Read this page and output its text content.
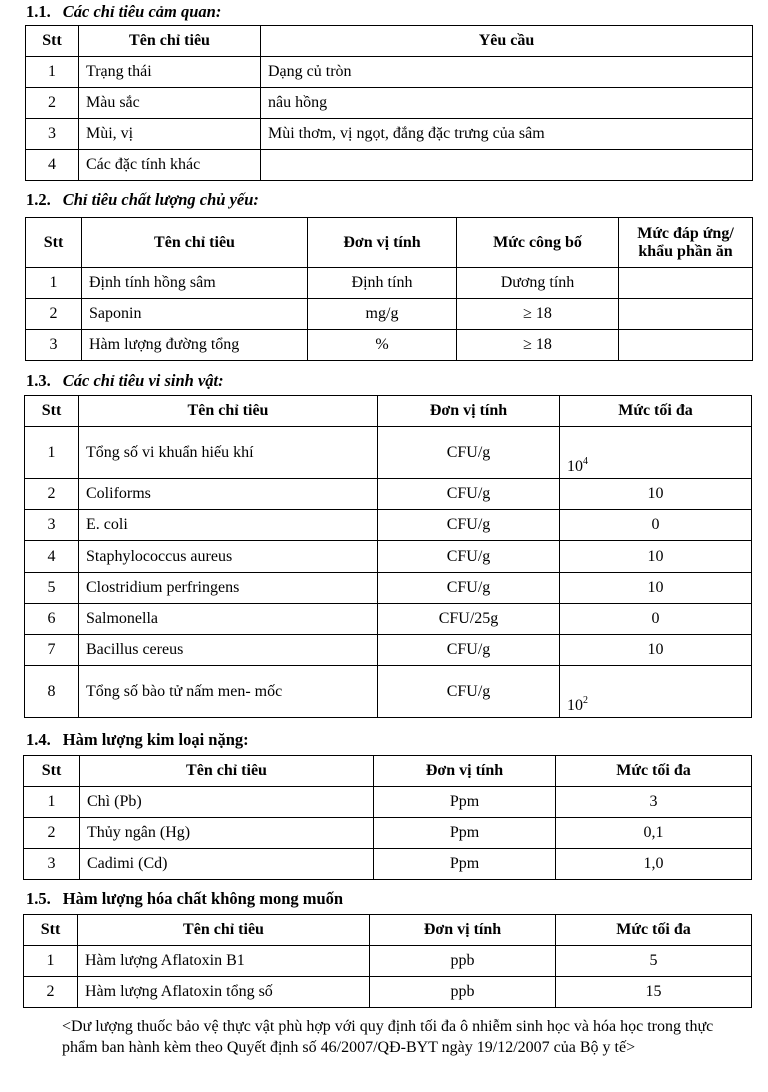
1.1. Các chỉ tiêu cảm quan:
Stt	Tên chỉ tiêu	Yêu cầu
1	Trạng thái	Dạng củ tròn
2	Màu sắc	nâu hồng
3	Mùi, vị	Mùi thơm, vị ngọt, đắng đặc trưng của sâm
4	Các đặc tính khác	
1.2. Chỉ tiêu chất lượng chủ yếu:
Stt	Tên chỉ tiêu	Đơn vị tính	Mức công bố	Mức đáp ứng/ khẩu phần ăn
1	Định tính hồng sâm	Định tính	Dương tính	
2	Saponin	mg/g	≥ 18	
3	Hàm lượng đường tổng	%	≥ 18	
1.3. Các chỉ tiêu vi sinh vật:
Stt	Tên chỉ tiêu	Đơn vị tính	Mức tối đa
1	Tổng số vi khuẩn hiếu khí	CFU/g	$10^4$
2	Coliforms	CFU/g	10
3	E. coli	CFU/g	0
4	Staphylococcus aureus	CFU/g	10
5	Clostridium perfringens	CFU/g	10
6	Salmonella	CFU/25g	0
7	Bacillus cereus	CFU/g	10
8	Tổng số bào tử nấm men- mốc	CFU/g	$10^2$
1.4. Hàm lượng kim loại nặng:
Stt	Tên chỉ tiêu	Đơn vị tính	Mức tối đa
1	Chì (Pb)	Ppm	3
2	Thủy ngân (Hg)	Ppm	0,1
3	Cadimi (Cd)	Ppm	1,0
1.5. Hàm lượng hóa chất không mong muốn
Stt	Tên chỉ tiêu	Đơn vị tính	Mức tối đa
1	Hàm lượng Aflatoxin B1	ppb	5
2	Hàm lượng Aflatoxin tổng số	ppb	15
<Dư lượng thuốc bảo vệ thực vật phù hợp với quy định tối đa ô nhiễm sinh học và hóa học trong thực phẩm ban hành kèm theo Quyết định số 46/2007/QĐ-BYT ngày 19/12/2007 của Bộ y tế>
